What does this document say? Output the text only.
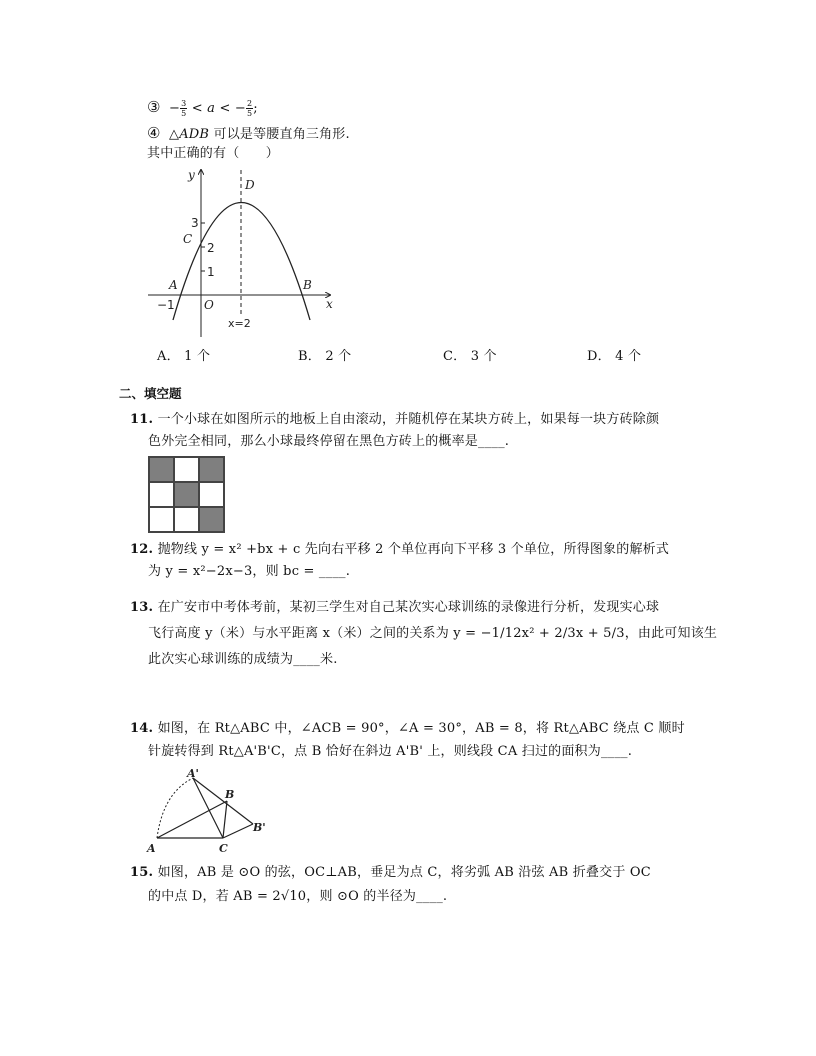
③ − $\frac{3}{5} < a$ < − $\frac{2}{5}$ ;
④ △ADB 可以是等腰直角三角形.
其中正确的有（　　）
y
x
O
A	B
C
D
3
2
1
−1
x=2
A． 1 个	B． 2 个	C． 3 个	D． 4 个
二、填空题
11. 一个小球在如图所示的地板上自由滚动，并随机停在某块方砖上，如果每一块方砖除颜
色外完全相同，那么小球最终停留在黑色方砖上的概率是____.
12. 抛物线 y = x² +bx + c 先向右平移 2 个单位再向下平移 3 个单位，所得图象的解析式
为 y = x²−2x−3，则 bc = ____.
13. 在广安市中考体考前，某初三学生对自己某次实心球训练的录像进行分析，发现实心球
飞行高度 y（米）与水平距离 x（米）之间的关系为 y = −1/12x² + 2/3x + 5/3，由此可知该生
此次实心球训练的成绩为____米.
14. 如图，在 Rt△ABC 中，∠ACB = 90°，∠A = 30°，AB = 8，将 Rt△ABC 绕点 C 顺时
针旋转得到 Rt△A'B'C，点 B 恰好在斜边 A'B' 上，则线段 CA 扫过的面积为____.
A	C
B
A'
B'
15. 如图，AB 是 ⊙O 的弦，OC⊥AB，垂足为点 C，将劣弧 AB 沿弦 AB 折叠交于 OC
的中点 D，若 AB = 2√10，则 ⊙O 的半径为____.
